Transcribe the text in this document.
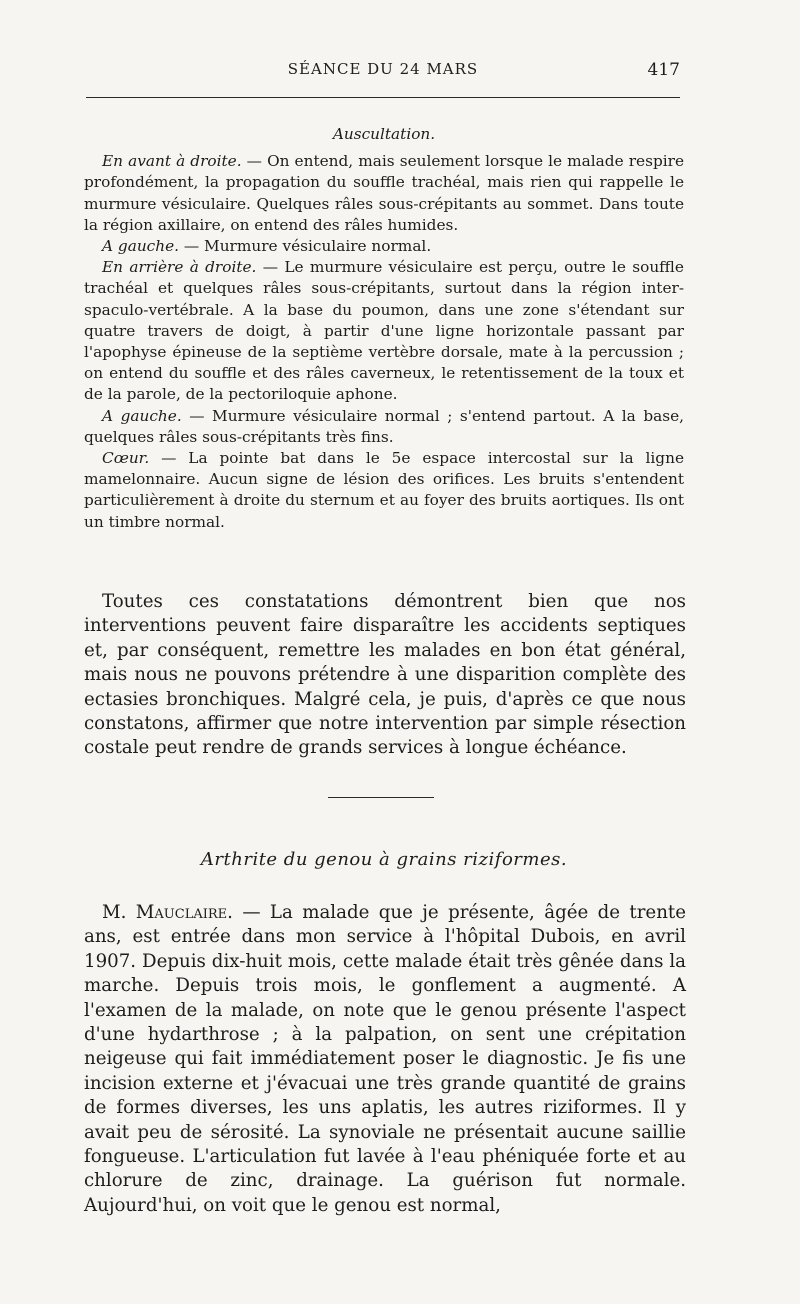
SÉANCE DU 24 MARS	417

Auscultation.

En avant à droite. — On entend, mais seulement lorsque le malade respire profondément, la propagation du souffle trachéal, mais rien qui rappelle le murmure vésiculaire. Quelques râles sous-crépitants au sommet. Dans toute la région axillaire, on entend des râles humides.

A gauche. — Murmure vésiculaire normal.

En arrière à droite. — Le murmure vésiculaire est perçu, outre le souffle trachéal et quelques râles sous-crépitants, surtout dans la région inter-spaculo-vertébrale. A la base du poumon, dans une zone s'étendant sur quatre travers de doigt, à partir d'une ligne horizontale passant par l'apophyse épineuse de la septième vertèbre dorsale, mate à la percussion ; on entend du souffle et des râles caverneux, le retentissement de la toux et de la parole, de la pectoriloquie aphone.

A gauche. — Murmure vésiculaire normal ; s'entend partout. A la base, quelques râles sous-crépitants très fins.

Cœur. — La pointe bat dans le 5e espace intercostal sur la ligne mamelonnaire. Aucun signe de lésion des orifices. Les bruits s'entendent particulièrement à droite du sternum et au foyer des bruits aortiques. Ils ont un timbre normal.

Toutes ces constatations démontrent bien que nos interventions peuvent faire disparaître les accidents septiques et, par conséquent, remettre les malades en bon état général, mais nous ne pouvons prétendre à une disparition complète des ectasies bronchiques. Malgré cela, je puis, d'après ce que nous constatons, affirmer que notre intervention par simple résection costale peut rendre de grands services à longue échéance.

Arthrite du genou à grains riziformes.

M. Mauclaire. — La malade que je présente, âgée de trente ans, est entrée dans mon service à l'hôpital Dubois, en avril 1907. Depuis dix-huit mois, cette malade était très gênée dans la marche. Depuis trois mois, le gonflement a augmenté. A l'examen de la malade, on note que le genou présente l'aspect d'une hydarthrose ; à la palpation, on sent une crépitation neigeuse qui fait immédiatement poser le diagnostic. Je fis une incision externe et j'évacuai une très grande quantité de grains de formes diverses, les uns aplatis, les autres riziformes. Il y avait peu de sérosité. La synoviale ne présentait aucune saillie fongueuse. L'articulation fut lavée à l'eau phéniquée forte et au chlorure de zinc, drainage. La guérison fut normale. Aujourd'hui, on voit que le genou est normal,
